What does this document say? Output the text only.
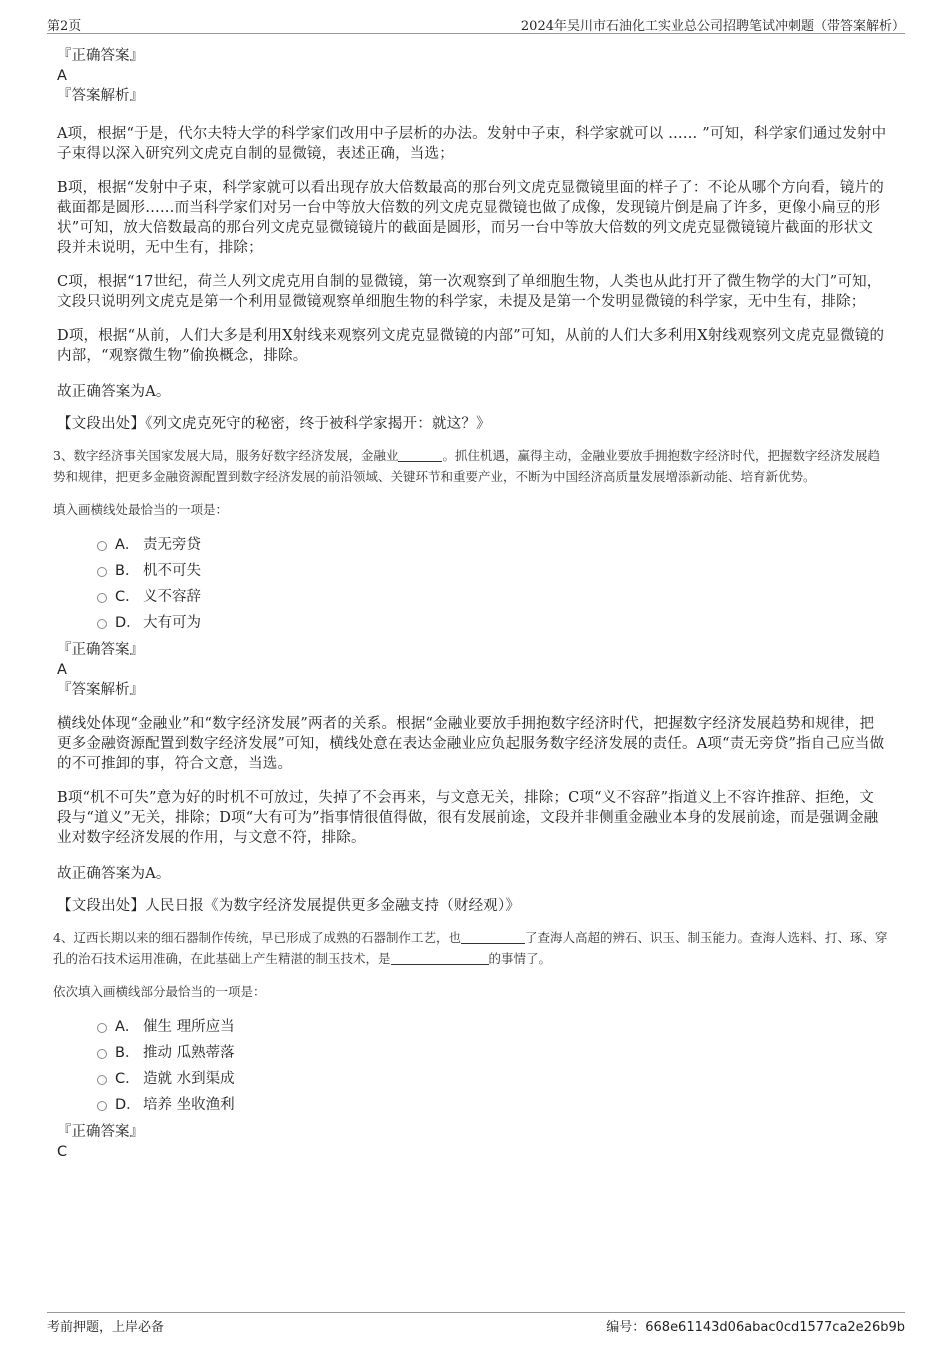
第2页	2024年吴川市石油化工实业总公司招聘笔试冲刺题（带答案解析）
『正确答案』
A
『答案解析』

A项，根据“于是，代尔夫特大学的科学家们改用中子层析的办法。发射中子束，科学家就可以 …… ”可知，科学家们通过发射中子束得以深入研究列文虎克自制的显微镜，表述正确，当选；

B项，根据“发射中子束，科学家就可以看出现存放大倍数最高的那台列文虎克显微镜里面的样子了：不论从哪个方向看，镜片的截面都是圆形……而当科学家们对另一台中等放大倍数的列文虎克显微镜也做了成像，发现镜片倒是扁了许多，更像小扁豆的形状”可知，放大倍数最高的那台列文虎克显微镜镜片的截面是圆形，而另一台中等放大倍数的列文虎克显微镜镜片截面的形状文段并未说明，无中生有，排除；

C项，根据“17世纪，荷兰人列文虎克用自制的显微镜，第一次观察到了单细胞生物，人类也从此打开了微生物学的大门”可知，文段只说明列文虎克是第一个利用显微镜观察单细胞生物的科学家，未提及是第一个发明显微镜的科学家，无中生有，排除；

D项，根据“从前，人们大多是利用X射线来观察列文虎克显微镜的内部”可知，从前的人们大多利用X射线观察列文虎克显微镜的内部，“观察微生物”偷换概念，排除。

故正确答案为A。

【文段出处】《列文虎克死守的秘密，终于被科学家揭开：就这？》

3、数字经济事关国家发展大局，服务好数字经济发展，金融业	。抓住机遇，赢得主动，金融业要放手拥抱数字经济时代，把握数字经济发展趋势和规律，把更多金融资源配置到数字经济发展的前沿领域、关键环节和重要产业，不断为中国经济高质量发展增添新动能、培育新优势。

填入画横线处最恰当的一项是：

A． 责无旁贷
B． 机不可失
C． 义不容辞
D． 大有可为
『正确答案』
A
『答案解析』

横线处体现“金融业”和“数字经济发展”两者的关系。根据“金融业要放手拥抱数字经济时代，把握数字经济发展趋势和规律，把更多金融资源配置到数字经济发展”可知，横线处意在表达金融业应负起服务数字经济发展的责任。A项“责无旁贷”指自己应当做的不可推卸的事，符合文意，当选。

B项“机不可失”意为好的时机不可放过，失掉了不会再来，与文意无关，排除；C项“义不容辞”指道义上不容许推辞、拒绝，文段与“道义”无关，排除；D项“大有可为”指事情很值得做，很有发展前途，文段并非侧重金融业本身的发展前途，而是强调金融业对数字经济发展的作用，与文意不符，排除。

故正确答案为A。

【文段出处】人民日报《为数字经济发展提供更多金融支持（财经观）》

4、辽西长期以来的细石器制作传统，早已形成了成熟的石器制作工艺，也	了查海人高超的辨石、识玉、制玉能力。查海人选料、打、琢、穿孔的治石技术运用准确，在此基础上产生精湛的制玉技术，是	的事情了。

依次填入画横线部分最恰当的一项是：

A． 催生 理所应当
B． 推动 瓜熟蒂落
C． 造就 水到渠成
D． 培养 坐收渔利
『正确答案』
C
考前押题，上岸必备	编号：668e61143d06abac0cd1577ca2e26b9b
